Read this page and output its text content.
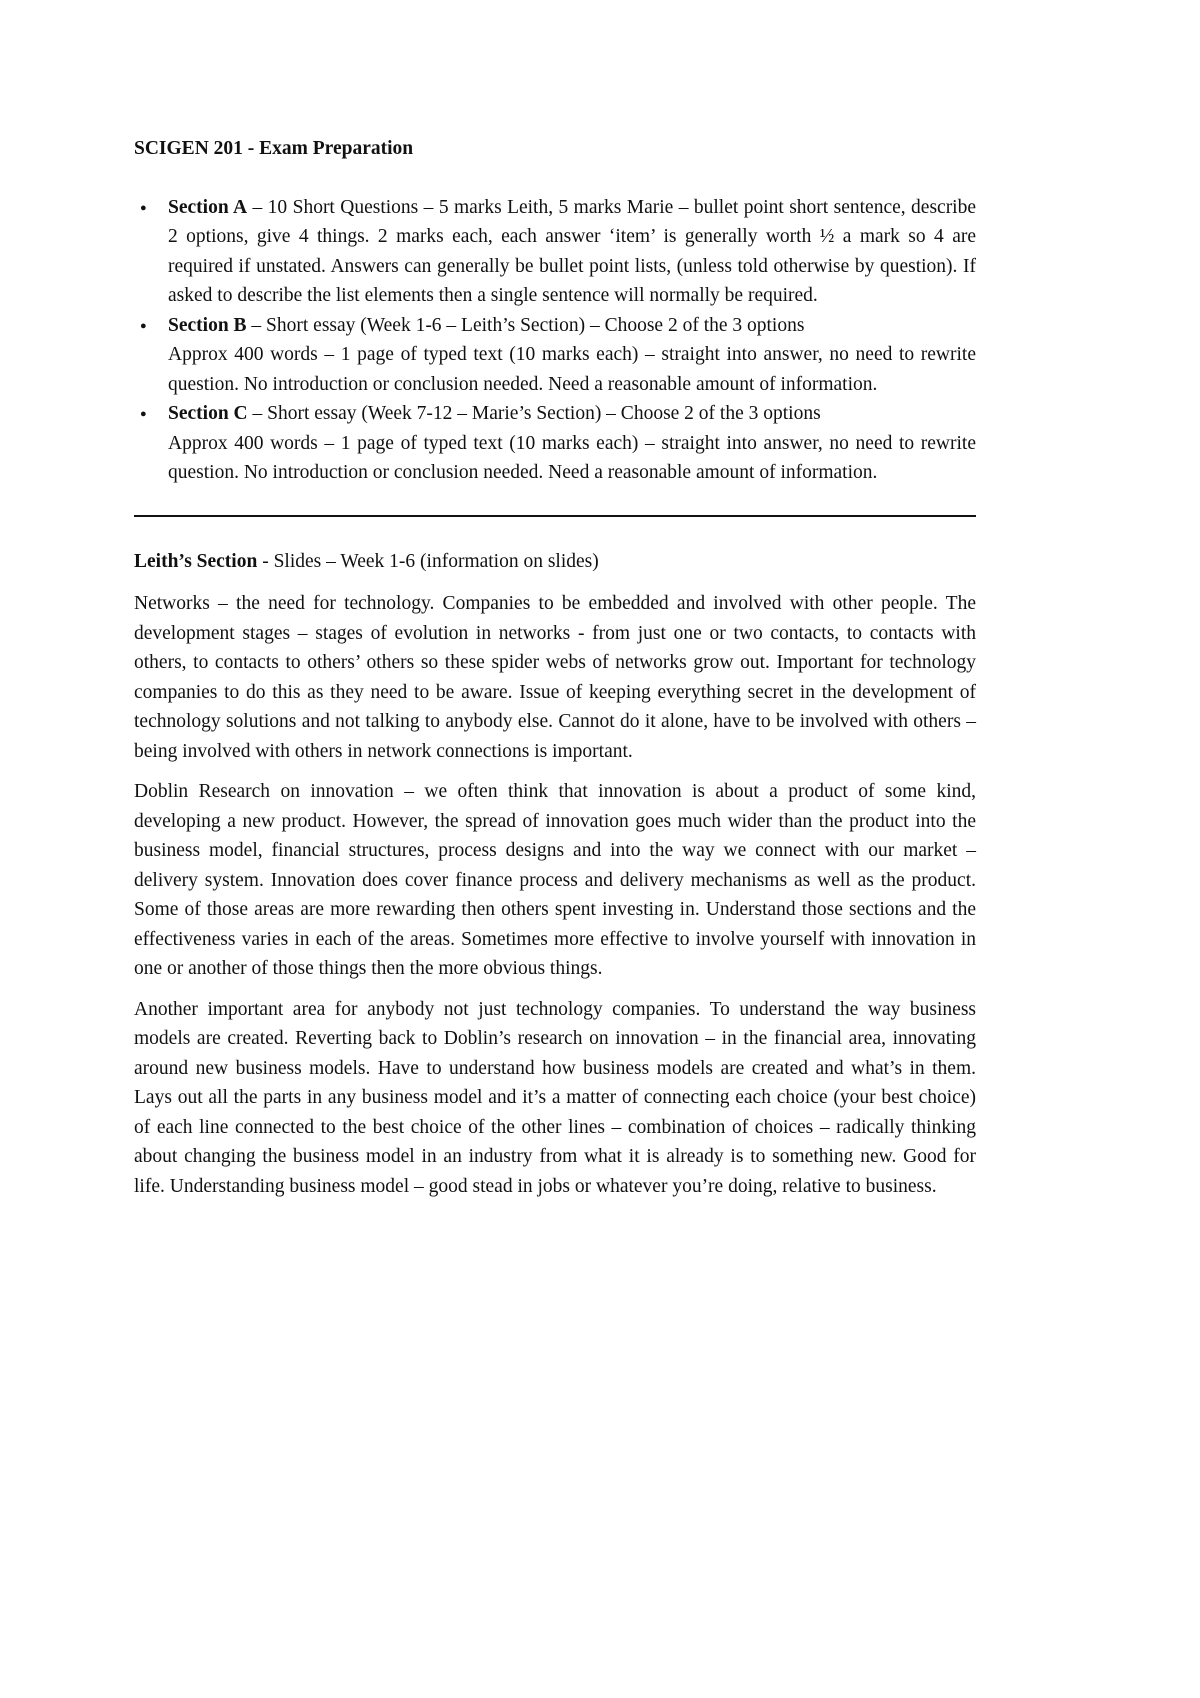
SCIGEN 201 - Exam Preparation
● Section A – 10 Short Questions – 5 marks Leith, 5 marks Marie – bullet point short sentence, describe 2 options, give 4 things. 2 marks each, each answer ‘item’ is generally worth ½ a mark so 4 are required if unstated. Answers can generally be bullet point lists, (unless told otherwise by question). If asked to describe the list elements then a single sentence will normally be required.
● Section B – Short essay (Week 1-6 – Leith’s Section) – Choose 2 of the 3 options
Approx 400 words – 1 page of typed text (10 marks each) – straight into answer, no need to rewrite question. No introduction or conclusion needed. Need a reasonable amount of information.
● Section C – Short essay (Week 7-12 – Marie’s Section) – Choose 2 of the 3 options
Approx 400 words – 1 page of typed text (10 marks each) – straight into answer, no need to rewrite question. No introduction or conclusion needed. Need a reasonable amount of information.

Leith’s Section - Slides – Week 1-6 (information on slides)

Networks – the need for technology. Companies to be embedded and involved with other people. The development stages – stages of evolution in networks - from just one or two contacts, to contacts with others, to contacts to others’ others so these spider webs of networks grow out. Important for technology companies to do this as they need to be aware. Issue of keeping everything secret in the development of technology solutions and not talking to anybody else. Cannot do it alone, have to be involved with others – being involved with others in network connections is important.

Doblin Research on innovation – we often think that innovation is about a product of some kind, developing a new product. However, the spread of innovation goes much wider than the product into the business model, financial structures, process designs and into the way we connect with our market – delivery system. Innovation does cover finance process and delivery mechanisms as well as the product. Some of those areas are more rewarding then others spent investing in. Understand those sections and the effectiveness varies in each of the areas. Sometimes more effective to involve yourself with innovation in one or another of those things then the more obvious things.

Another important area for anybody not just technology companies. To understand the way business models are created. Reverting back to Doblin’s research on innovation – in the financial area, innovating around new business models. Have to understand how business models are created and what’s in them. Lays out all the parts in any business model and it’s a matter of connecting each choice (your best choice) of each line connected to the best choice of the other lines – combination of choices – radically thinking about changing the business model in an industry from what it is already is to something new. Good for life. Understanding business model – good stead in jobs or whatever you’re doing, relative to business.
